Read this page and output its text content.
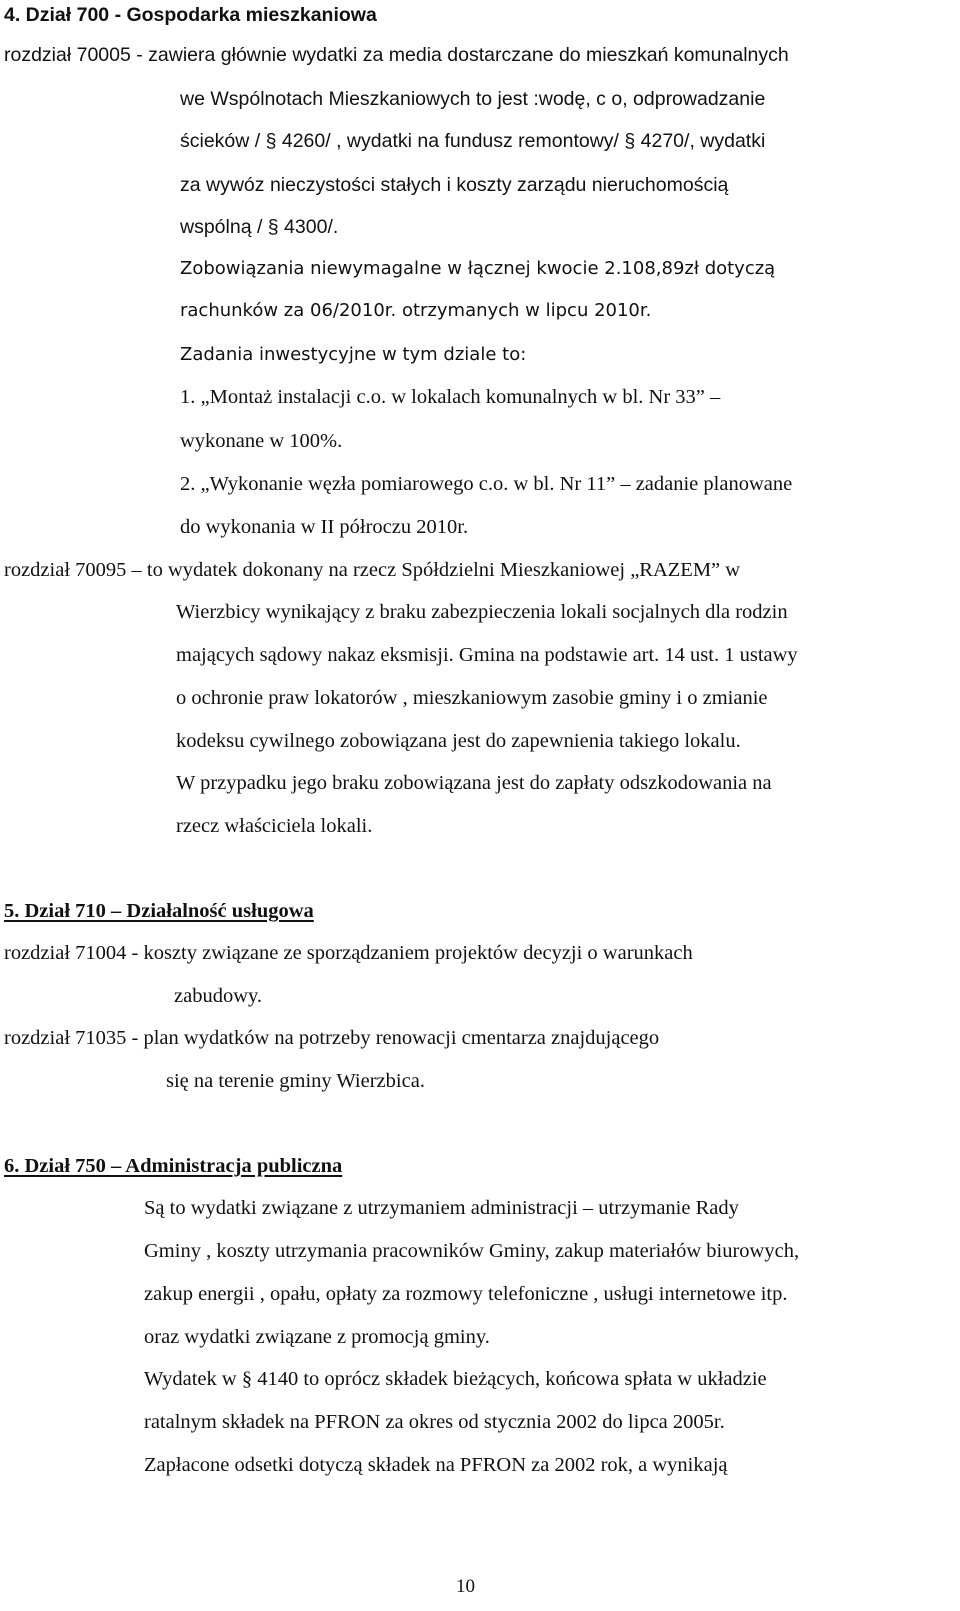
4. Dział 700 - Gospodarka mieszkaniowa
rozdział 70005 - zawiera głównie wydatki za media dostarczane do mieszkań komunalnych
we Wspólnotach Mieszkaniowych to jest :wodę, c o, odprowadzanie
ścieków / § 4260/ , wydatki na fundusz remontowy/ § 4270/, wydatki
za wywóz nieczystości stałych i koszty zarządu nieruchomością
wspólną / § 4300/.
Zobowiązania niewymagalne w łącznej kwocie 2.108,89zł dotyczą
rachunków za 06/2010r. otrzymanych w lipcu 2010r.
Zadania inwestycyjne w tym dziale to:
1. „Montaż instalacji c.o. w lokalach komunalnych w bl. Nr 33” –
wykonane w 100%.
2. „Wykonanie węzła pomiarowego c.o. w bl. Nr 11” – zadanie planowane
do wykonania w II półroczu 2010r.
rozdział 70095 – to wydatek dokonany na rzecz Spółdzielni Mieszkaniowej „RAZEM” w
Wierzbicy wynikający z braku zabezpieczenia lokali socjalnych dla rodzin
mających sądowy nakaz eksmisji. Gmina na podstawie art. 14 ust. 1 ustawy
o ochronie praw lokatorów , mieszkaniowym zasobie gminy i o zmianie
kodeksu cywilnego zobowiązana jest do zapewnienia takiego lokalu.
W przypadku jego braku zobowiązana jest do zapłaty odszkodowania na
rzecz właściciela lokali.
5. Dział 710 – Działalność usługowa
rozdział 71004 - koszty związane ze sporządzaniem projektów decyzji o warunkach
zabudowy.
rozdział 71035 - plan wydatków na potrzeby renowacji cmentarza znajdującego
się na terenie gminy Wierzbica.
6. Dział 750 – Administracja publiczna
Są to wydatki związane z utrzymaniem administracji – utrzymanie Rady
Gminy , koszty utrzymania pracowników Gminy, zakup materiałów biurowych,
zakup energii , opału, opłaty za rozmowy telefoniczne , usługi internetowe itp.
oraz wydatki związane z promocją gminy.
Wydatek w § 4140 to oprócz składek bieżących, końcowa spłata w układzie
ratalnym składek na PFRON za okres od stycznia 2002 do lipca 2005r.
Zapłacone odsetki dotyczą składek na PFRON za 2002 rok, a wynikają
10
